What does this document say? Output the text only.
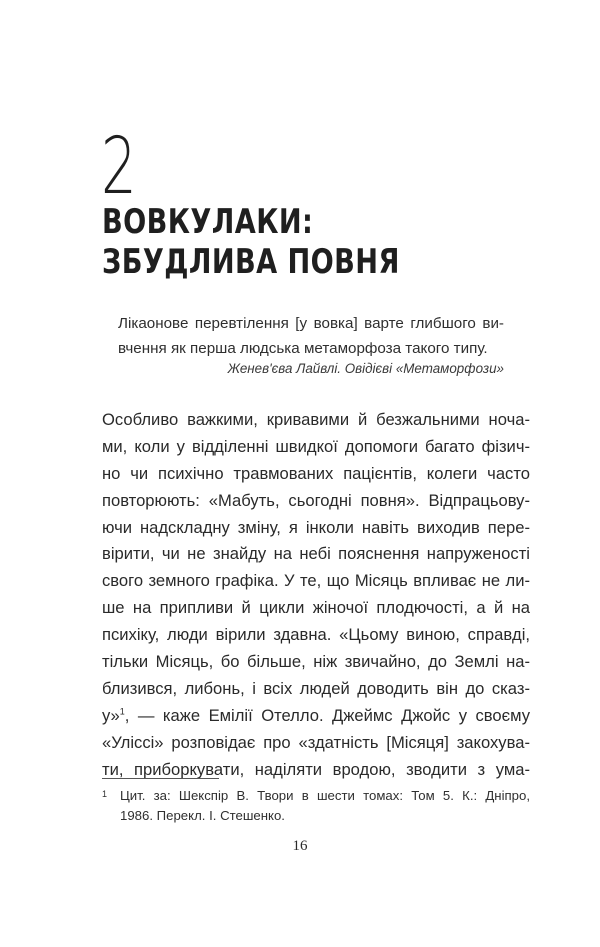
2
ВОВКУЛАКИ:
ЗБУДЛИВА ПОВНЯ
Лікаонове перевтілення [у вовка] варте глибшого ви-
вчення як перша людська метаморфоза такого типу.
Женев'єва Лайвлі. Овідієві «Метаморфози»
Особливо важкими, кривавими й безжальними ноча-
ми, коли у відділенні швидкої допомоги багато фізич-
но чи психічно травмованих пацієнтів, колеги часто
повторюють: «Мабуть, сьогодні повня». Відпрацьову-
ючи надскладну зміну, я інколи навіть виходив пере-
вірити, чи не знайду на небі пояснення напруженості
свого земного графіка. У те, що Місяць впливає не ли-
ше на припливи й цикли жіночої плодючості, а й на
психіку, люди вірили здавна. «Цьому виною, справді,
тільки Місяць, бо більше, ніж звичайно, до Землі на-
близився, либонь, і всіх людей доводить він до сказ-
у»$^1$, — каже Емілії Отелло. Джеймс Джойс у своєму
«Уліссі» розповідає про «здатність [Місяця] закохува-
ти, приборкувати, наділяти вродою, зводити з ума-
1 Цит. за: Шекспір В. Твори в шести томах: Том 5. К.: Дніпро,
1986. Перекл. І. Стешенко.
16
